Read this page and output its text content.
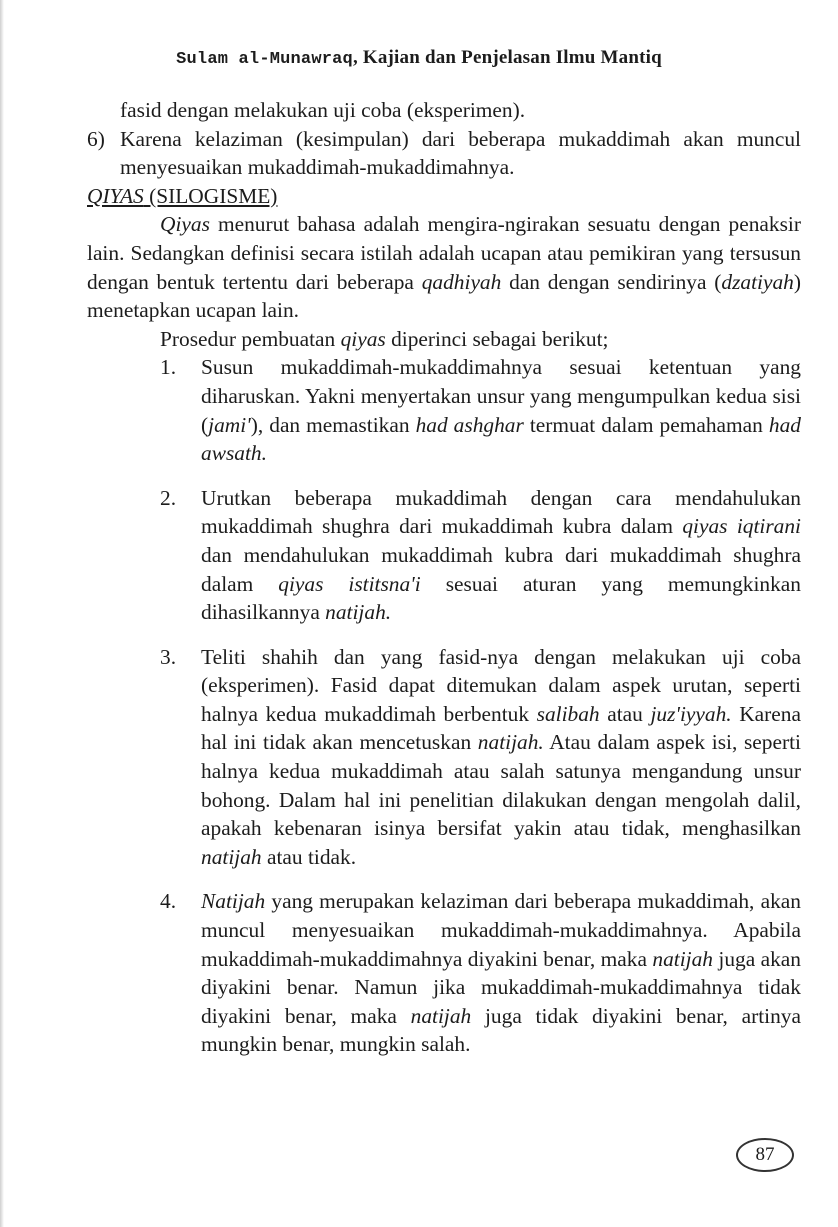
Sulam al-Munawraq, Kajian dan Penjelasan Ilmu Mantiq

fasid dengan melakukan uji coba (eksperimen).

6) Karena kelaziman (kesimpulan) dari beberapa mukaddimah akan muncul menyesuaikan mukaddimah-mukaddimahnya.

QIYAS (SILOGISME)

Qiyas menurut bahasa adalah mengira-ngirakan sesuatu dengan penaksir lain. Sedangkan definisi secara istilah adalah ucapan atau pemikiran yang tersusun dengan bentuk tertentu dari beberapa qadhiyah dan dengan sendirinya (dzatiyah) menetapkan ucapan lain.

Prosedur pembuatan qiyas diperinci sebagai berikut;

1.	Susun mukaddimah-mukaddimahnya sesuai ketentuan yang diharuskan. Yakni menyertakan unsur yang mengumpulkan kedua sisi (jami'), dan memastikan had ashghar termuat dalam pemahaman had awsath.
2.	Urutkan beberapa mukaddimah dengan cara mendahulukan mukaddimah shughra dari mukaddimah kubra dalam qiyas iqtirani dan mendahulukan mukaddimah kubra dari mukaddimah shughra dalam qiyas istitsna'i sesuai aturan yang memungkinkan dihasilkannya natijah.
3.	Teliti shahih dan yang fasid-nya dengan melakukan uji coba (eksperimen). Fasid dapat ditemukan dalam aspek urutan, seperti halnya kedua mukaddimah berbentuk salibah atau juz'iyyah. Karena hal ini tidak akan mencetuskan natijah. Atau dalam aspek isi, seperti halnya kedua mukaddimah atau salah satunya mengandung unsur bohong. Dalam hal ini penelitian dilakukan dengan mengolah dalil, apakah kebenaran isinya bersifat yakin atau tidak, menghasilkan natijah atau tidak.
4.	Natijah yang merupakan kelaziman dari beberapa mukaddimah, akan muncul menyesuaikan mukaddimah-mukaddimahnya. Apabila mukaddimah-mukaddimahnya diyakini benar, maka natijah juga akan diyakini benar. Namun jika mukaddimah-mukaddimahnya tidak diyakini benar, maka natijah juga tidak diyakini benar, artinya mungkin benar, mungkin salah.
87
